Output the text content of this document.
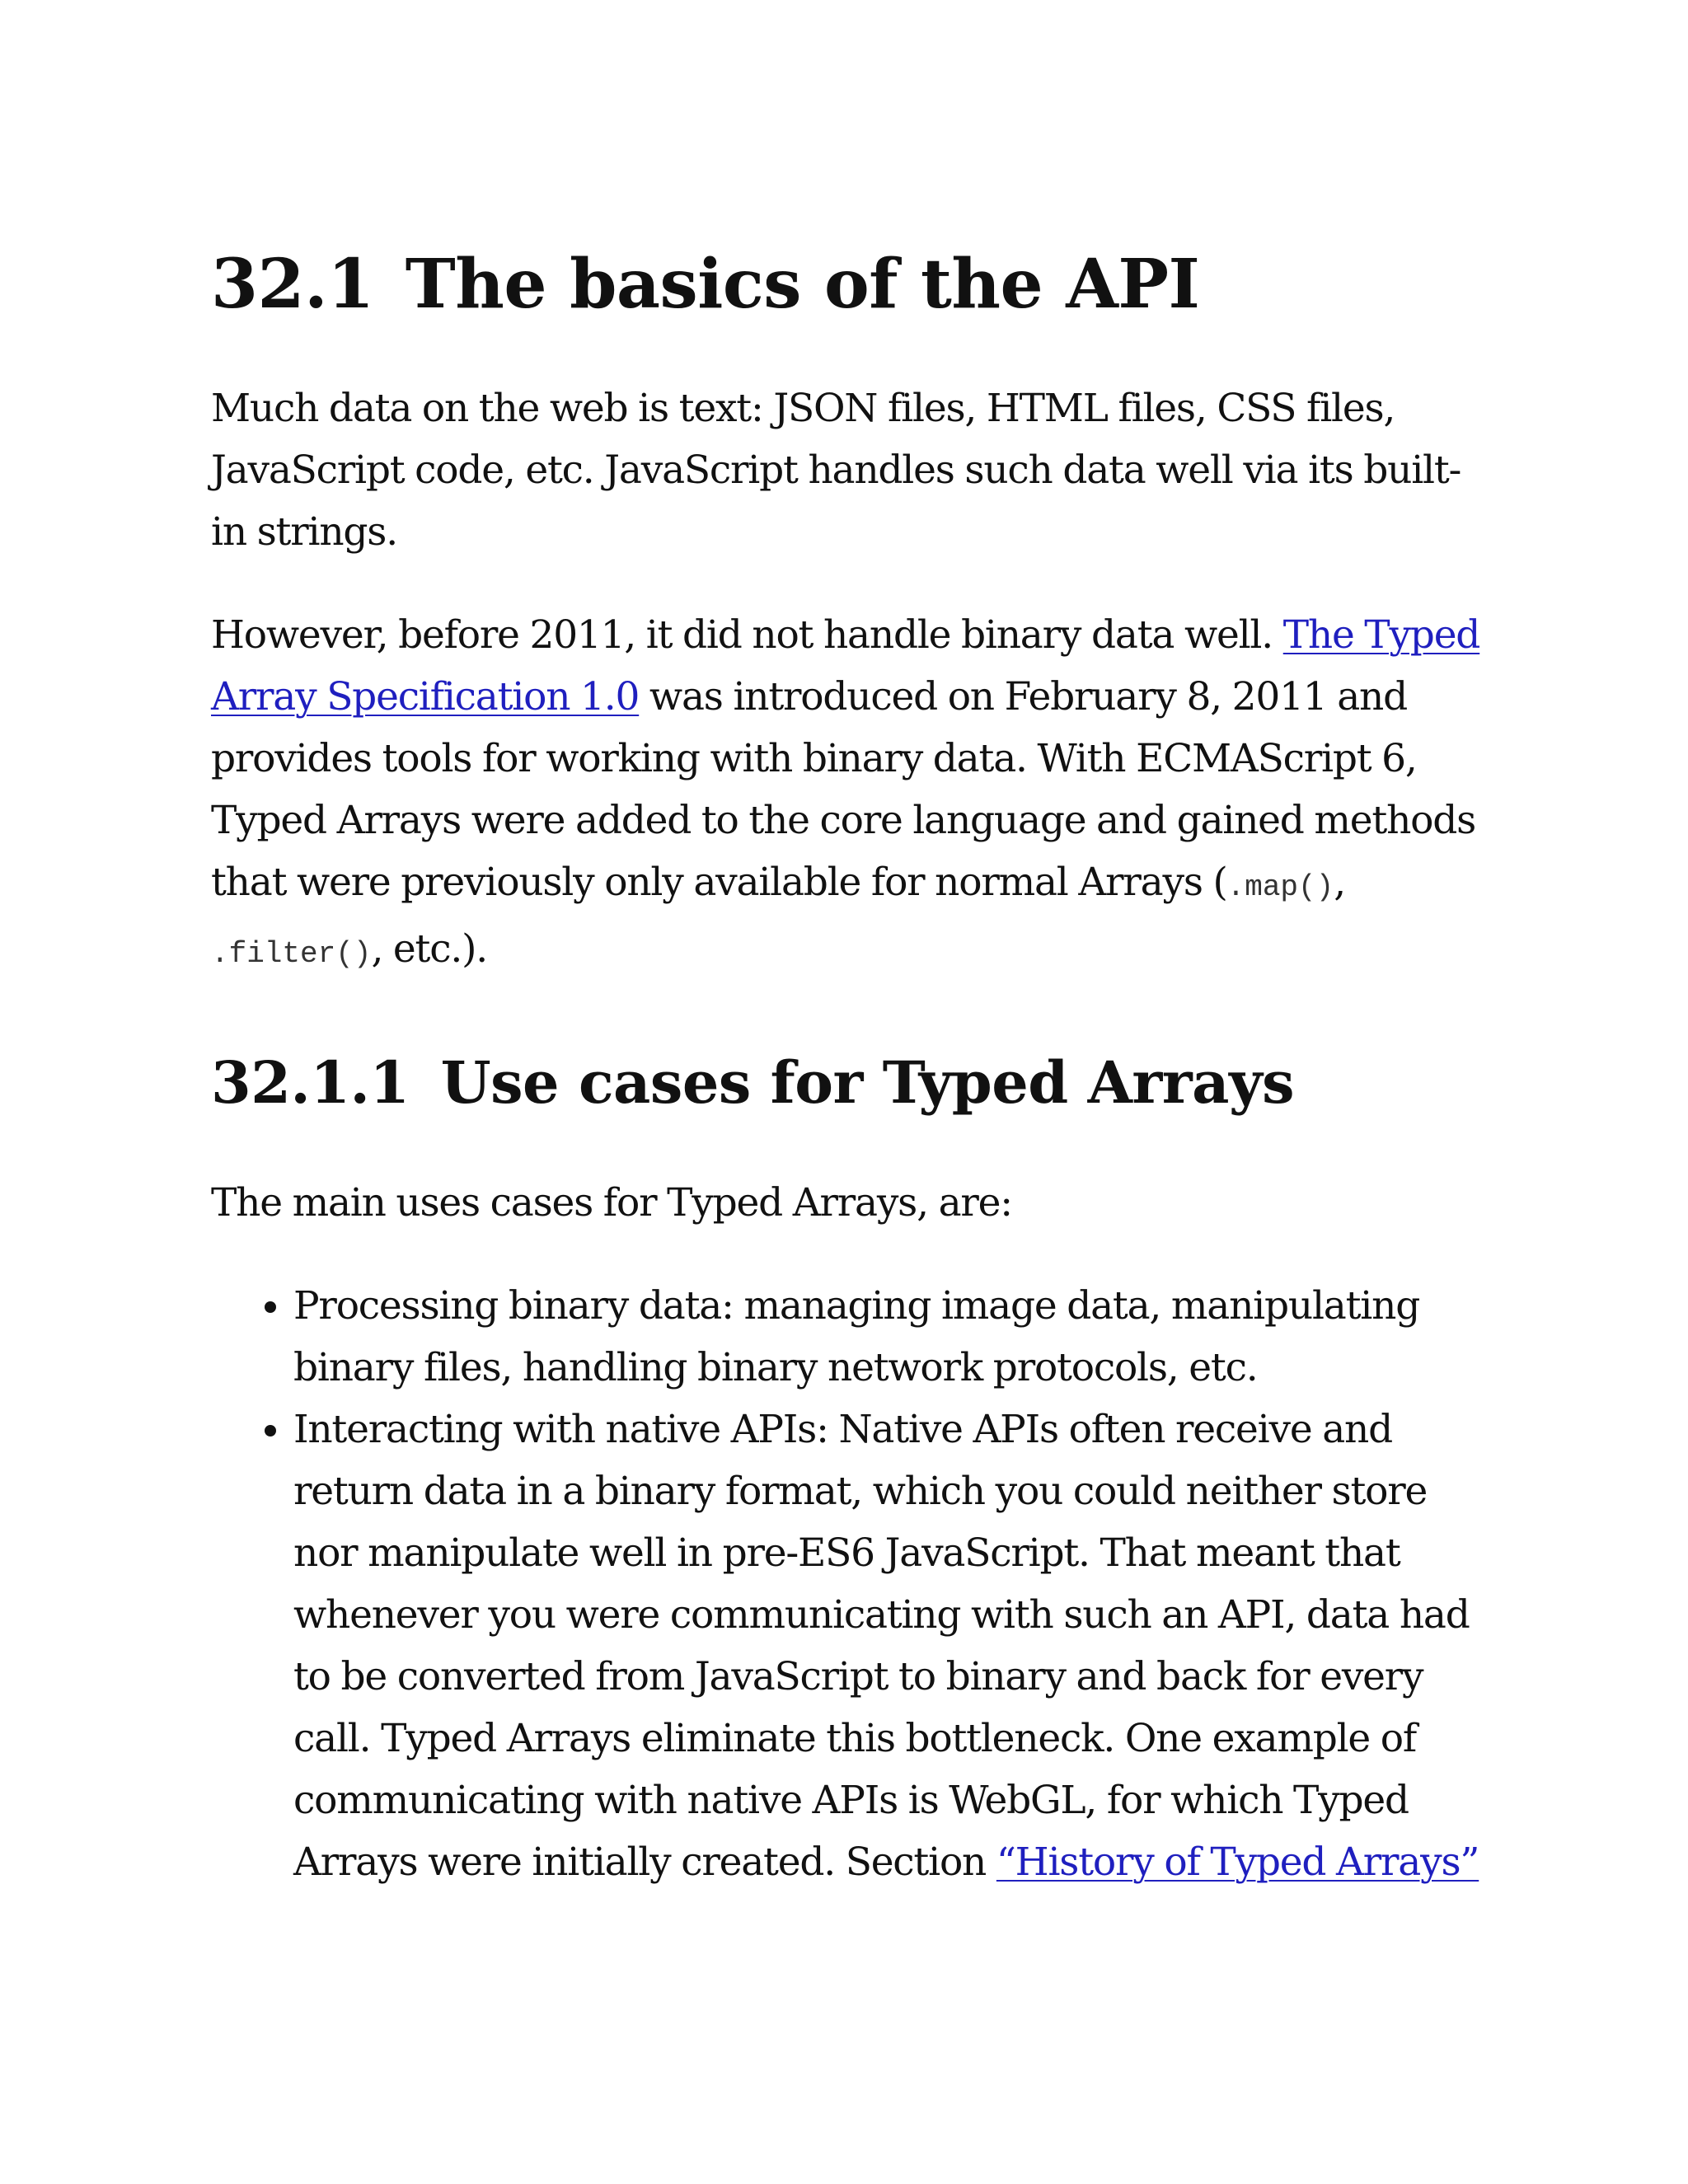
32.1 The basics of the API

Much data on the web is text: JSON files, HTML files, CSS files, JavaScript code, etc. JavaScript handles such data well via its built-in strings.

However, before 2011, it did not handle binary data well. The Typed Array Specification 1.0 was introduced on February 8, 2011 and provides tools for working with binary data. With ECMAScript 6, Typed Arrays were added to the core language and gained methods that were previously only available for normal Arrays (.map(), .filter(), etc.).

32.1.1 Use cases for Typed Arrays

The main uses cases for Typed Arrays, are:

• Processing binary data: managing image data, manipulating binary files, handling binary network protocols, etc.
• Interacting with native APIs: Native APIs often receive and return data in a binary format, which you could neither store nor manipulate well in pre-ES6 JavaScript. That meant that whenever you were communicating with such an API, data had to be converted from JavaScript to binary and back for every call. Typed Arrays eliminate this bottleneck. One example of communicating with native APIs is WebGL, for which Typed Arrays were initially created. Section “History of Typed Arrays”
